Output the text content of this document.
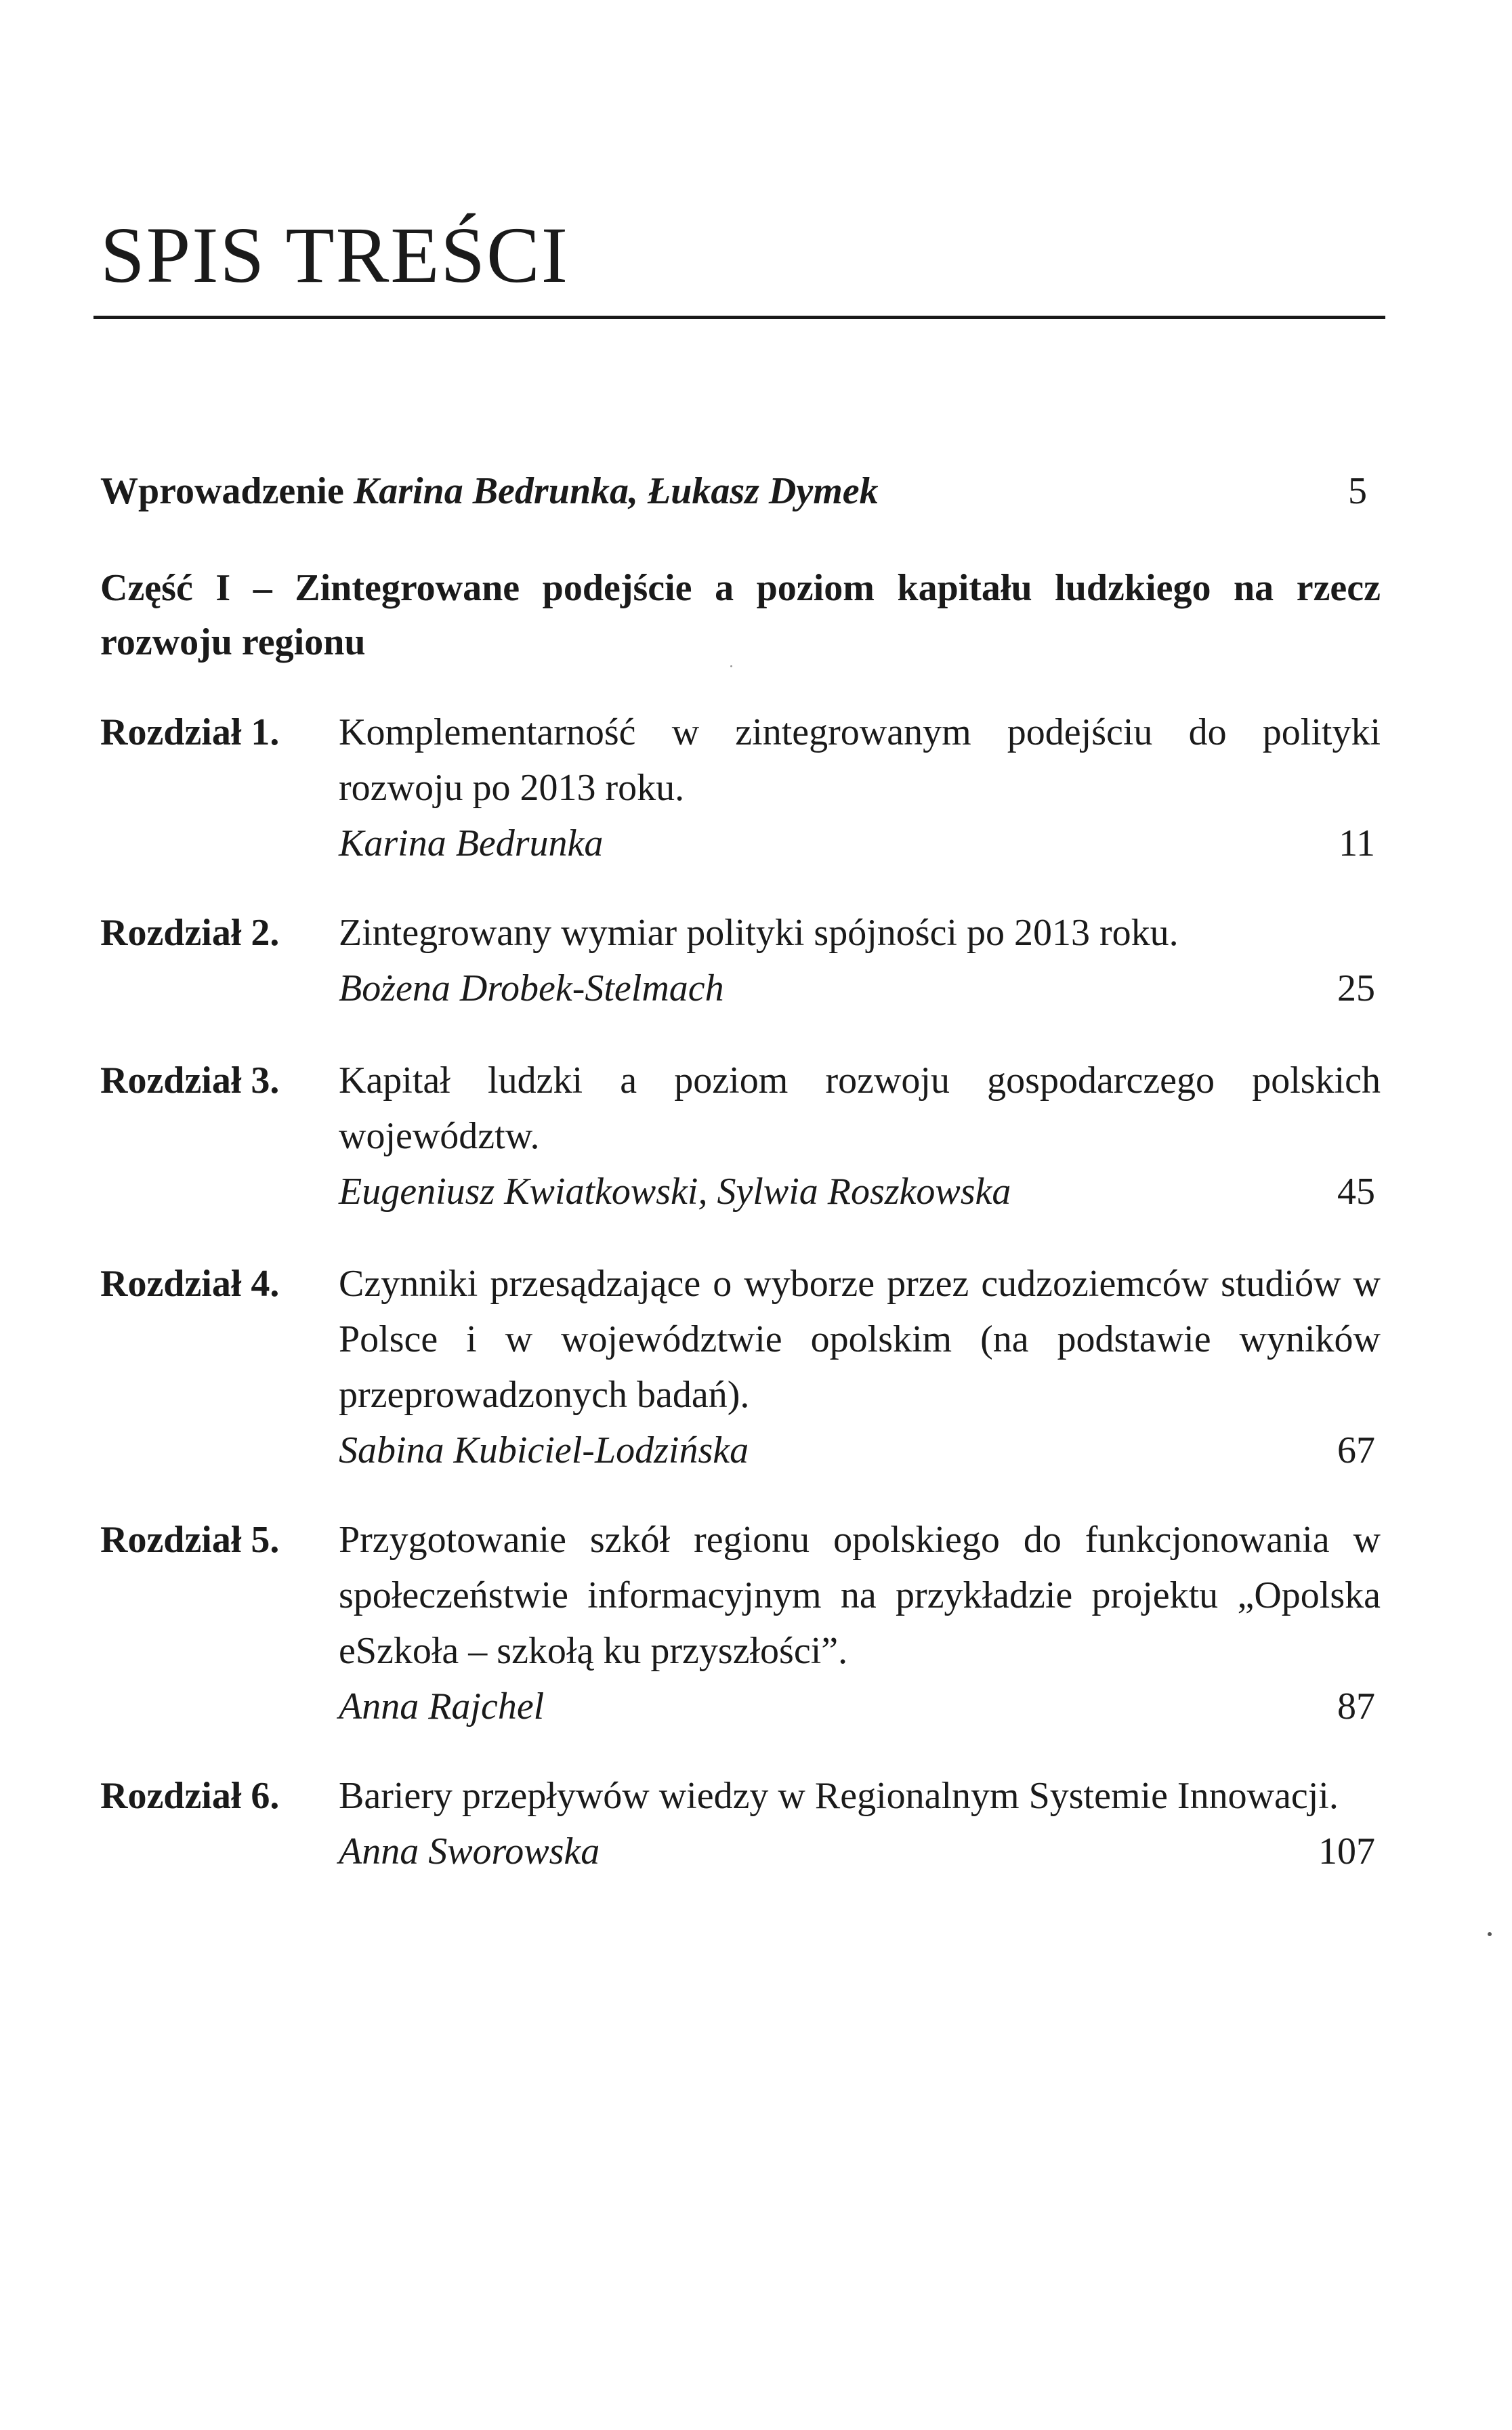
SPIS TREŚCI
Wprowadzenie Karina Bedrunka, Łukasz Dymek	5

Część I – Zintegrowane podejście a poziom kapitału ludzkiego na rzecz rozwoju regionu

Rozdział 1. Komplementarność w zintegrowanym podejściu do polityki rozwoju po 2013 roku.

Karina Bedrunka	11
Rozdział 2. Zintegrowany wymiar polityki spójności po 2013 roku.

Bożena Drobek-Stelmach	25
Rozdział 3. Kapitał ludzki a poziom rozwoju gospodarczego polskich województw.

Eugeniusz Kwiatkowski, Sylwia Roszkowska	45
Rozdział 4. Czynniki przesądzające o wyborze przez cudzoziemców studiów w Polsce i w województwie opolskim (na podstawie wyników przeprowadzonych badań).

Sabina Kubiciel-Lodzińska	67
Rozdział 5. Przygotowanie szkół regionu opolskiego do funkcjonowania w społeczeństwie informacyjnym na przykładzie projektu „Opolska eSzkoła – szkołą ku przyszłości”.

Anna Rajchel	87
Rozdział 6. Bariery przepływów wiedzy w Regionalnym Systemie Innowacji.

Anna Sworowska	107
